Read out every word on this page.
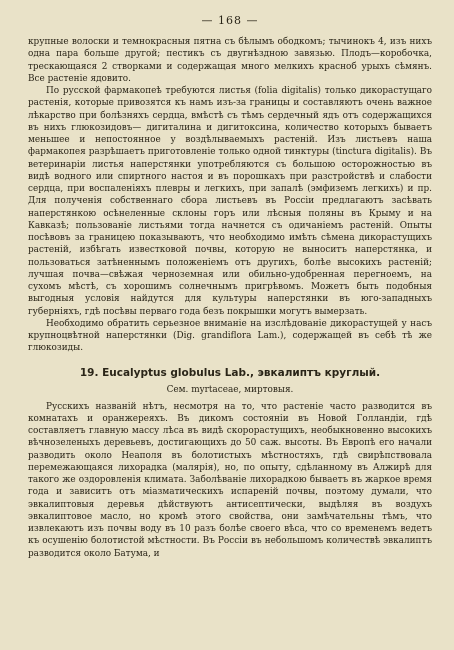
— 168 —

крупные волоски и темнокрасныя пятна съ бѣлымъ ободкомъ; тычинокъ 4, изъ нихъ одна пара больше другой; пестикъ съ двугнѣздною завязью. Плодъ—коробочка, трескающаяся 2 створками и содержащая много мелкихъ красноб урыхъ сѣмянъ. Все растеніе ядовито.

По русской фармакопеѣ требуются листья (folia digitalis) только дикорастущаго растенія, которые привозятся къ намъ изъ-за границы и составляютъ очень важное лѣкарство при болѣзняхъ сердца, вмѣстѣ съ тѣмъ сердечный ядъ отъ содержащихся въ нихъ глюкозидовъ— дигиталина и дигитоксина, количество которыхъ бываетъ меньшее и непостоянное у воздѣлываемыхъ растеній. Изъ листьевъ наша фармакопея разрѣшаетъ приготовленіе только одной тинктуры (tinctura digitalis). Въ ветеринаріи листья наперстянки употребляются съ большою осторожностью въ видѣ водного или спиртного настоя и въ порошкахъ при разстройствѣ и слабости сердца, при воспаленіяхъ плевры и легкихъ, при запалѣ (эмфиземъ легкихъ) и пр. Для полученія собственнаго сбора листьевъ въ Россіи предлагаютъ засѣвать наперстянкою осѣнеленные склоны горъ или лѣсныя поляны въ Крыму и на Кавказѣ; пользованіе листьями тогда начнется съ одичаніемъ растеній. Опыты посѣвовъ за границею показываютъ, что необходимо имѣть сѣмена дикорастущихъ растеній, избѣгать известковой почвы, которую не выноситъ наперстянка, и пользоваться затѣненнымъ положеніемъ отъ другихъ, болѣе высокихъ растеній; лучшая почва—свѣжая черноземная или обильно-удобренная перегноемъ, на сухомъ мѣстѣ, съ хорошимъ солнечнымъ пригрѣвомъ. Можетъ быть подобныя выгодныя условія найдутся для культуры наперстянки въ юго-западныхъ губерніяхъ, гдѣ посѣвы перваго года безъ покрышки могутъ вымерзать.

Необходимо обратить серьезное вниманіе на изслѣдованіе дикорастущей у насъ крупноцвѣтной наперстянки (Dig. grandiflora Lam.), содержащей въ себѣ тѣ же глюкозиды.

19. Eucalyptus globulus Lab., эвкалиптъ круглый.
Сем. myrtaceae, миртовыя.

Русскихъ названій нѣтъ, несмотря на то, что растеніе часто разводится въ комнатахъ и оранжереяхъ. Въ дикомъ состояніи въ Новой Голландіи, гдѣ составляетъ главную массу лѣса въ видѣ скорорастущихъ, необыкновенно высокихъ вѣчнозеленыхъ деревьевъ, достигающихъ до 50 саж. высоты. Въ Европѣ его начали разводить около Неаполя въ болотистыхъ мѣстностяхъ, гдѣ свирѣпствовала перемежающаяся лихорадка (малярія), но, по опыту, сдѣланному въ Алжирѣ для такого же оздоровленія климата. Заболѣваніе лихорадкою бываетъ въ жаркое время года и зависитъ отъ міазматическихъ испареній почвы, поэтому думали, что эвкалиптовыя деревья дѣйствуютъ антисептически, выдѣляя въ воздухъ эвкалиптовое масло, но кромѣ этого свойства, они замѣчательны тѣмъ, что извлекаютъ изъ почвы воду въ 10 разъ болѣе своего вѣса, что со временемъ ведетъ къ осушенію болотистой мѣстности. Въ Россіи въ небольшомъ количествѣ эвкалиптъ разводится около Батума, и
